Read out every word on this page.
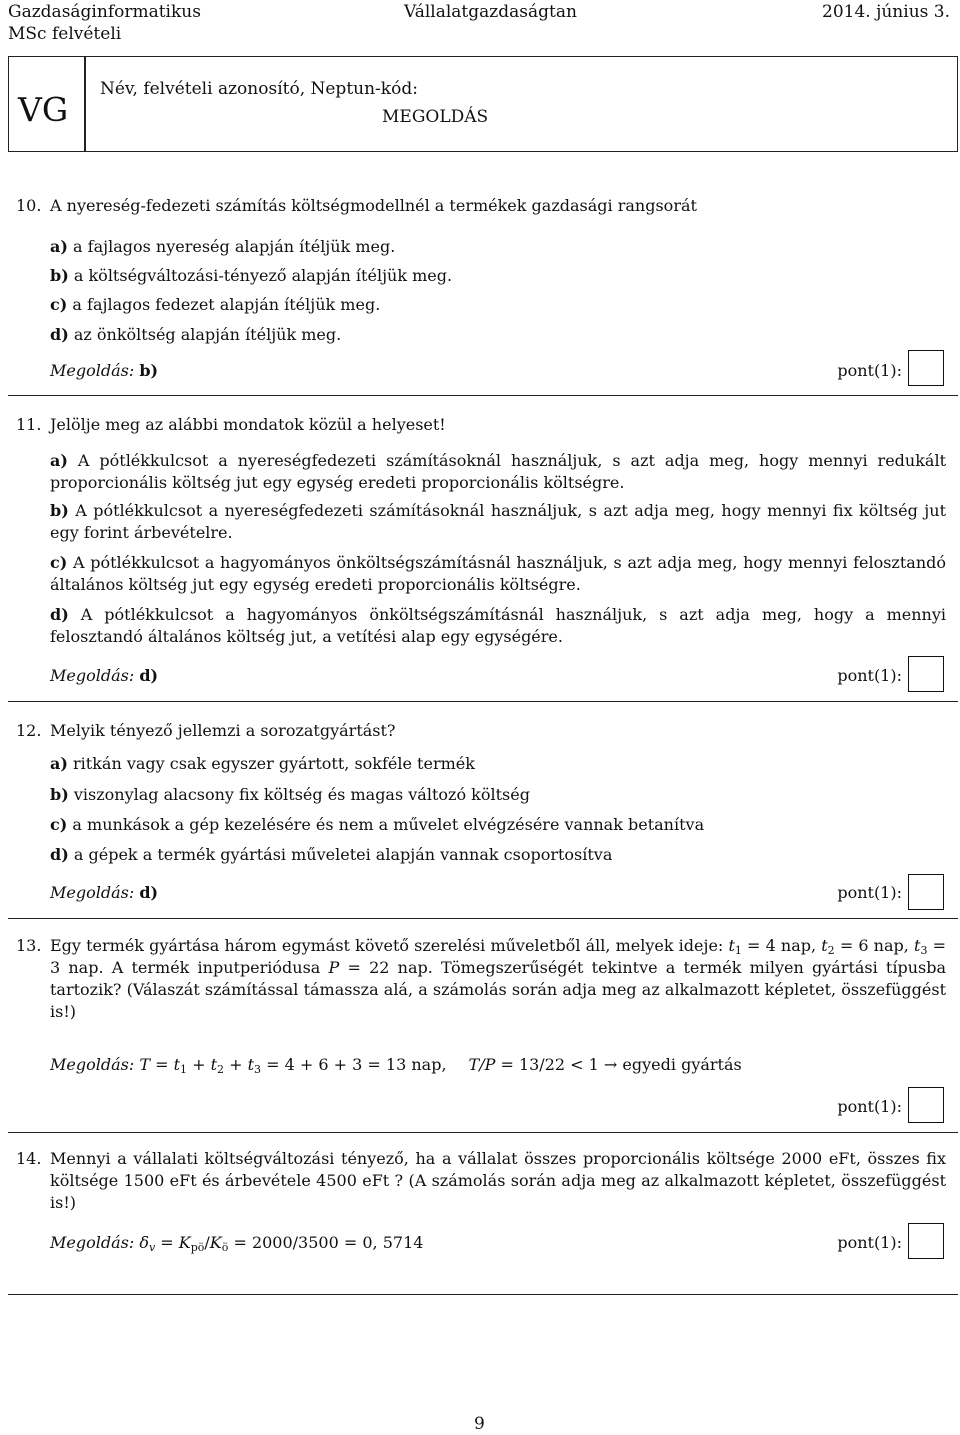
Gazdaságinformatikus
MSc felvételi
Vállalatgazdaságtan	2014. június 3.
VG
Név, felvételi azonosító, Neptun-kód:
MEGOLDÁS
10. A nyereség-fedezeti számítás költségmodellnél a termékek gazdasági rangsorát
a) a fajlagos nyereség alapján ítéljük meg.
b) a költségváltozási-tényező alapján ítéljük meg.
c) a fajlagos fedezet alapján ítéljük meg.
d) az önköltség alapján ítéljük meg.
Megoldás: b)	pont(1):
11. Jelölje meg az alábbi mondatok közül a helyeset!
a) A pótlékkulcsot a nyereségfedezeti számításoknál használjuk, s azt adja meg, hogy mennyi redukált proporcionális költség jut egy egység eredeti proporcionális költségre.
b) A pótlékkulcsot a nyereségfedezeti számításoknál használjuk, s azt adja meg, hogy mennyi fix költség jut egy forint árbevételre.
c) A pótlékkulcsot a hagyományos önköltségszámításnál használjuk, s azt adja meg, hogy mennyi felosztandó általános költség jut egy egység eredeti proporcionális költségre.
d) A pótlékkulcsot a hagyományos önköltségszámításnál használjuk, s azt adja meg, hogy a mennyi felosztandó általános költség jut, a vetítési alap egy egységére.
Megoldás: d)	pont(1):
12. Melyik tényező jellemzi a sorozatgyártást?
a) ritkán vagy csak egyszer gyártott, sokféle termék
b) viszonylag alacsony fix költség és magas változó költség
c) a munkások a gép kezelésére és nem a művelet elvégzésére vannak betanítva
d) a gépek a termék gyártási műveletei alapján vannak csoportosítva
Megoldás: d)	pont(1):
13. Egy termék gyártása három egymást követő szerelési műveletből áll, melyek ideje: $t_1 = 4$ nap, $t_2 = 6$ nap, $t_3 = 3$ nap. A termék inputperiódusa P = 22 nap. Tömegszerűségét tekintve a termék milyen gyártási típusba tartozik? (Válaszát számítással támassza alá, a számolás során adja meg az alkalmazott képletet, összefüggést is!)
Megoldás: $T = t_1 + t_2 + t_3 = 4 + 6 + 3 = 13$ nap, T/P = 13/22 < 1 → egyedi gyártás
pont(1):
14. Mennyi a vállalati költségváltozási tényező, ha a vállalat összes proporcionális költsége 2000 eFt, összes fix költsége 1500 eFt és árbevétele 4500 eFt ? (A számolás során adja meg az alkalmazott képletet, összefüggést is!)
Megoldás: $\delta_v = K_{pö}/K_ö = 2000/3500 = 0$, 5714	pont(1):
9
